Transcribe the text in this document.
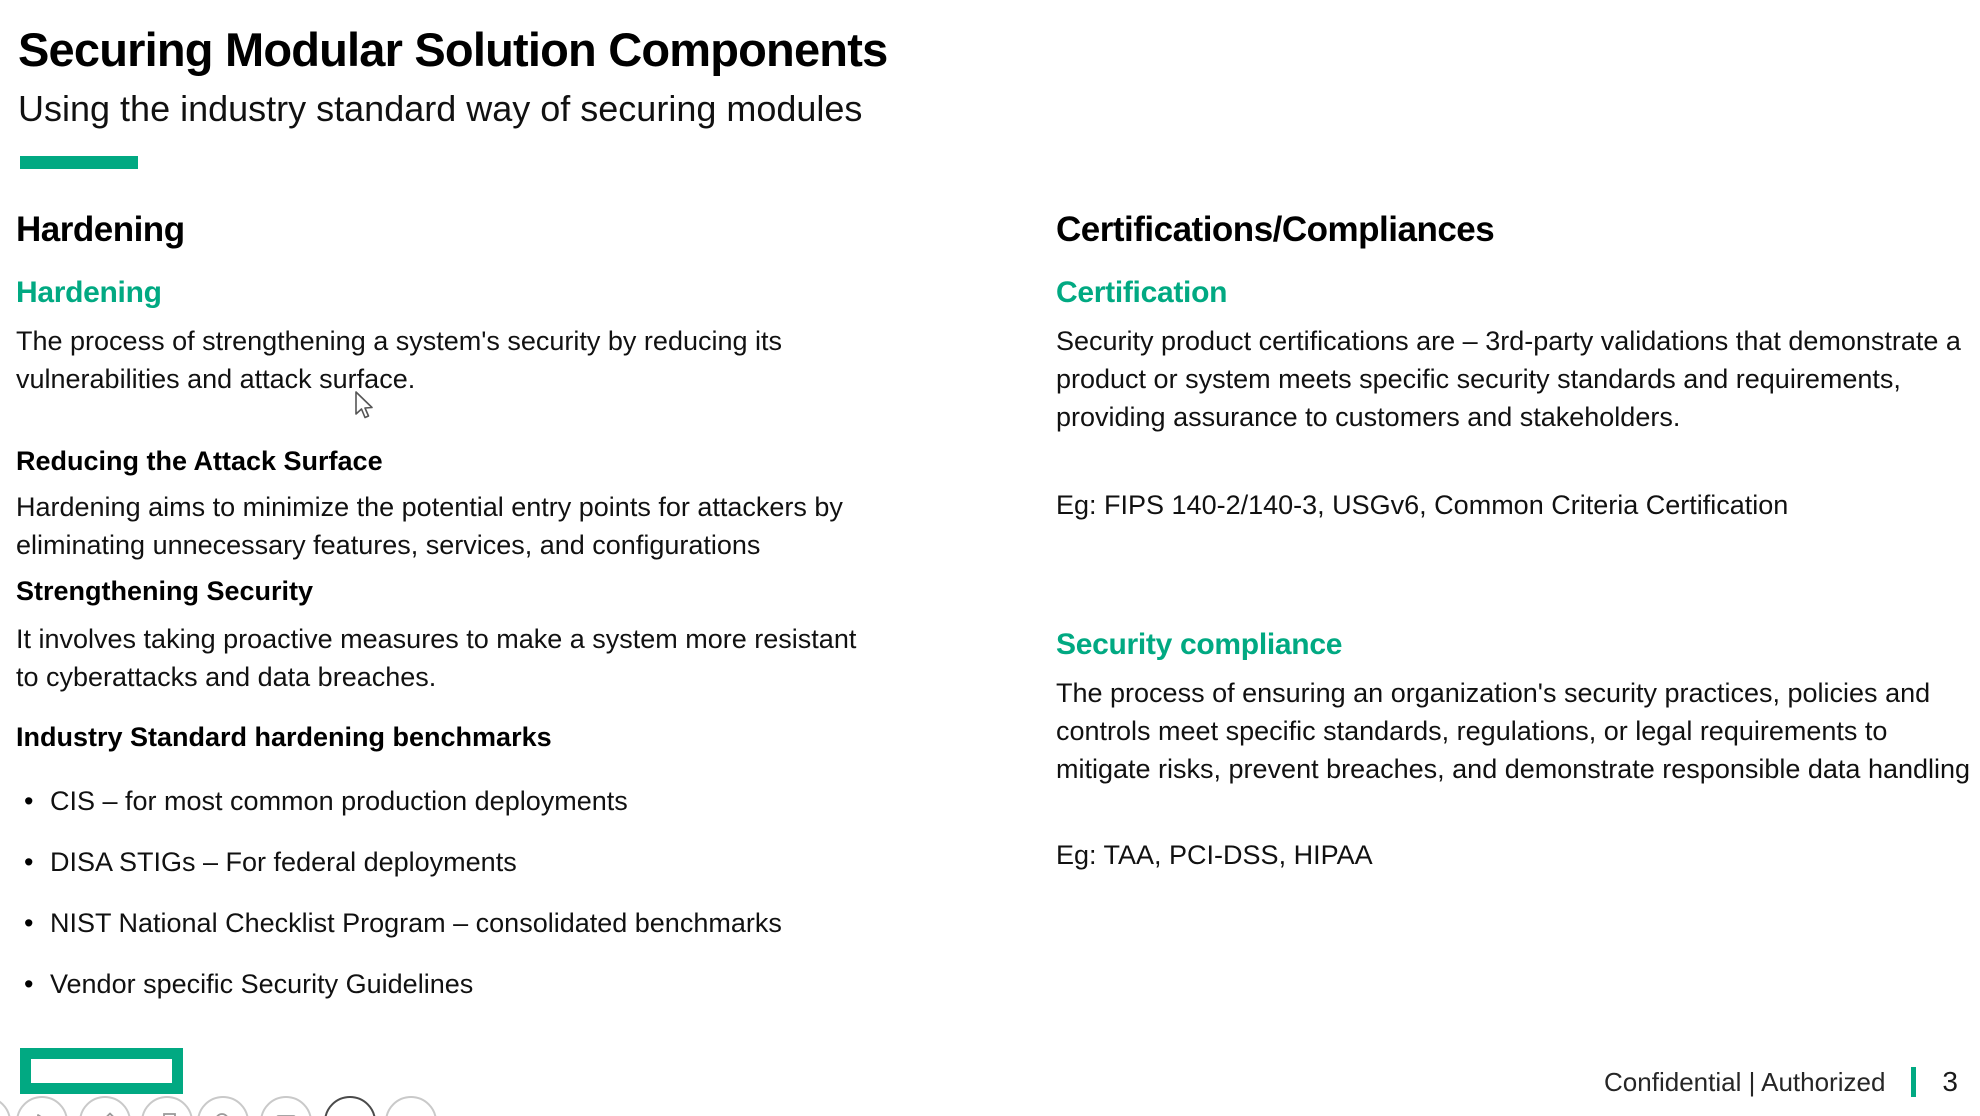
Securing Modular Solution Components
Using the industry standard way of securing modules
Hardening
Hardening
The process of strengthening a system's security by reducing its vulnerabilities and attack surface.
Reducing the Attack Surface
Hardening aims to minimize the potential entry points for attackers by eliminating unnecessary features, services, and configurations
Strengthening Security
It involves taking proactive measures to make a system more resistant to cyberattacks and data breaches.
Industry Standard hardening benchmarks
• CIS – for most common production deployments
• DISA STIGs – For federal deployments
• NIST National Checklist Program – consolidated benchmarks
• Vendor specific Security Guidelines
Certifications/Compliances
Certification
Security product certifications are – 3rd-party validations that demonstrate a product or system meets specific security standards and requirements, providing assurance to customers and stakeholders.
Eg: FIPS 140-2/140-3, USGv6, Common Criteria Certification
Security compliance
The process of ensuring an organization's security practices, policies and controls meet specific standards, regulations, or legal requirements to mitigate risks, prevent breaches, and demonstrate responsible data handling
Eg: TAA, PCI-DSS, HIPAA
Confidential | Authorized 3
